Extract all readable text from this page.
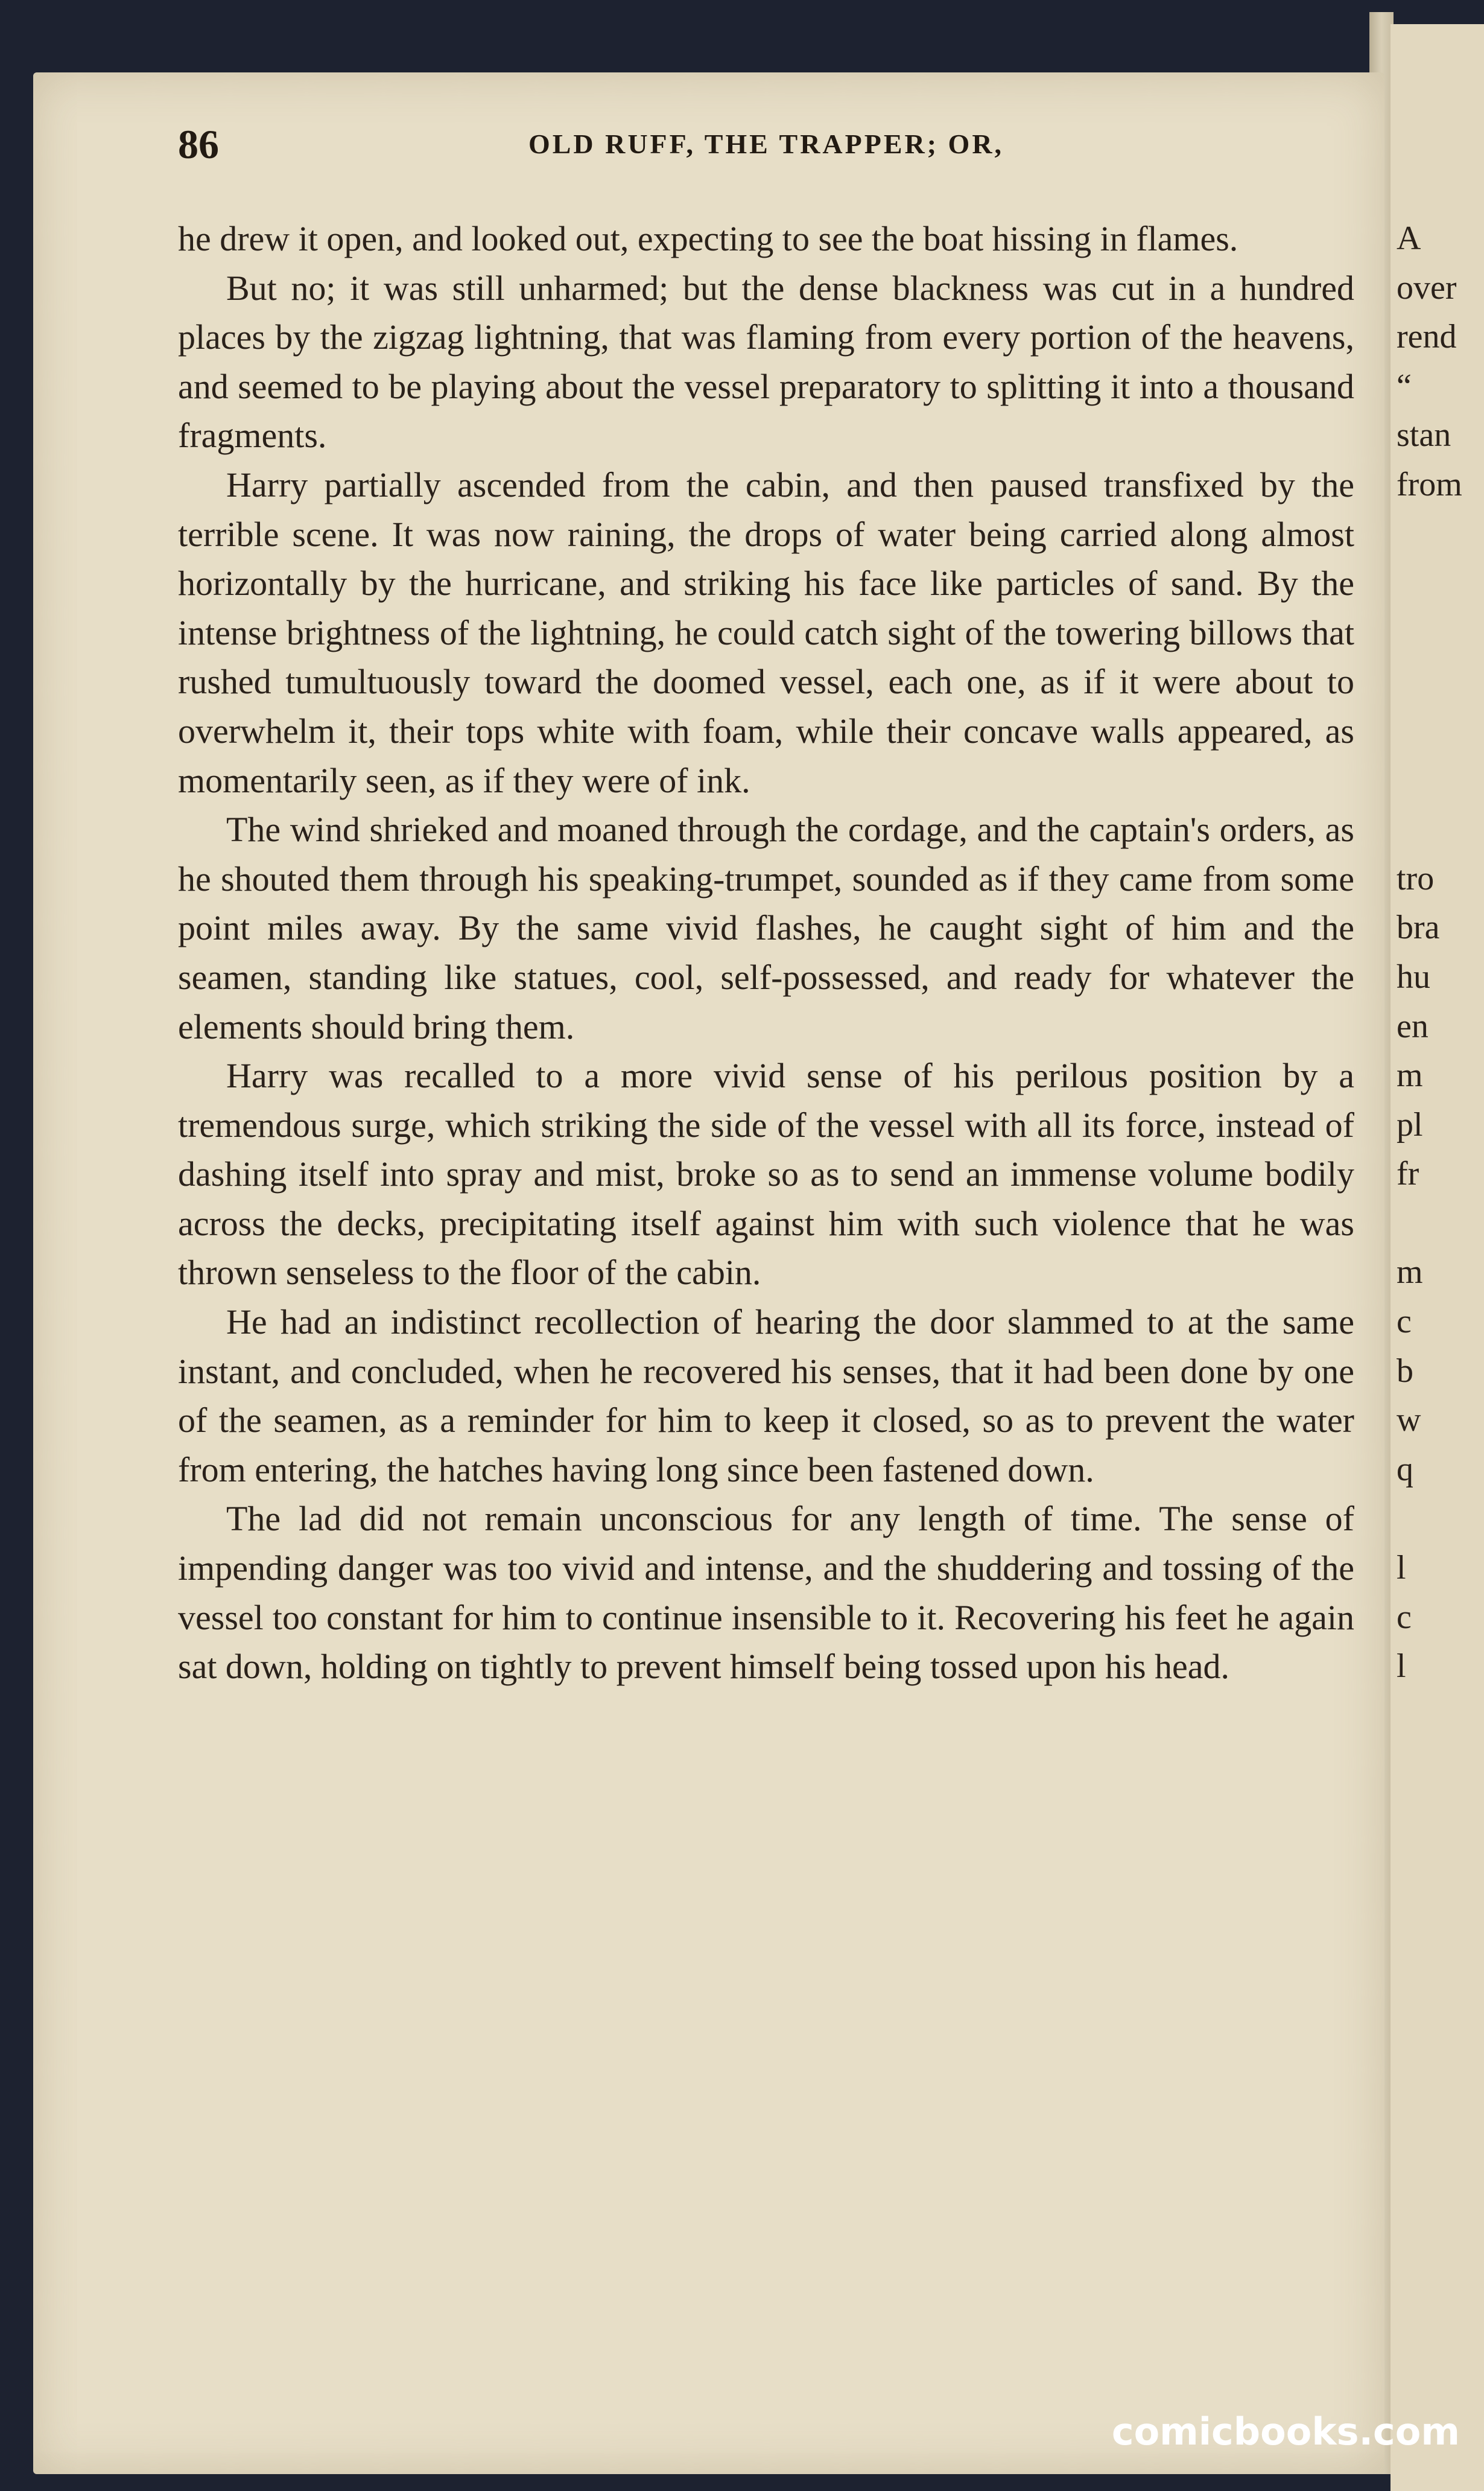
86	OLD RUFF, THE TRAPPER; OR,

he drew it open, and looked out, expecting to see the boat hissing in flames.

But no; it was still unharmed; but the dense blackness was cut in a hundred places by the zigzag lightning, that was flaming from every portion of the heavens, and seemed to be playing about the vessel preparatory to splitting it into a thousand fragments.

Harry partially ascended from the cabin, and then paused transfixed by the terrible scene. It was now raining, the drops of water being carried along almost horizontally by the hurricane, and striking his face like particles of sand. By the intense brightness of the lightning, he could catch sight of the towering billows that rushed tumultuously toward the doomed vessel, each one, as if it were about to overwhelm it, their tops white with foam, while their concave walls appeared, as momentarily seen, as if they were of ink.

The wind shrieked and moaned through the cordage, and the captain's orders, as he shouted them through his speaking-trumpet, sounded as if they came from some point miles away. By the same vivid flashes, he caught sight of him and the seamen, standing like statues, cool, self-possessed, and ready for whatever the elements should bring them.

Harry was recalled to a more vivid sense of his perilous position by a tremendous surge, which striking the side of the vessel with all its force, instead of dashing itself into spray and mist, broke so as to send an immense volume bodily across the decks, precipitating itself against him with such violence that he was thrown senseless to the floor of the cabin.

He had an indistinct recollection of hearing the door slammed to at the same instant, and concluded, when he recovered his senses, that it had been done by one of the seamen, as a reminder for him to keep it closed, so as to prevent the water from entering, the hatches having long since been fastened down.

The lad did not remain unconscious for any length of time. The sense of impending danger was too vivid and intense, and the shuddering and tossing of the vessel too constant for him to continue insensible to it. Recovering his feet he again sat down, holding on tightly to prevent himself being tossed upon his head.

A
over
rend
“
stan
from
tro
bra
hu
en
m
pl
fr
m
c
b
w
q
l
c
l
comicbooks.com
